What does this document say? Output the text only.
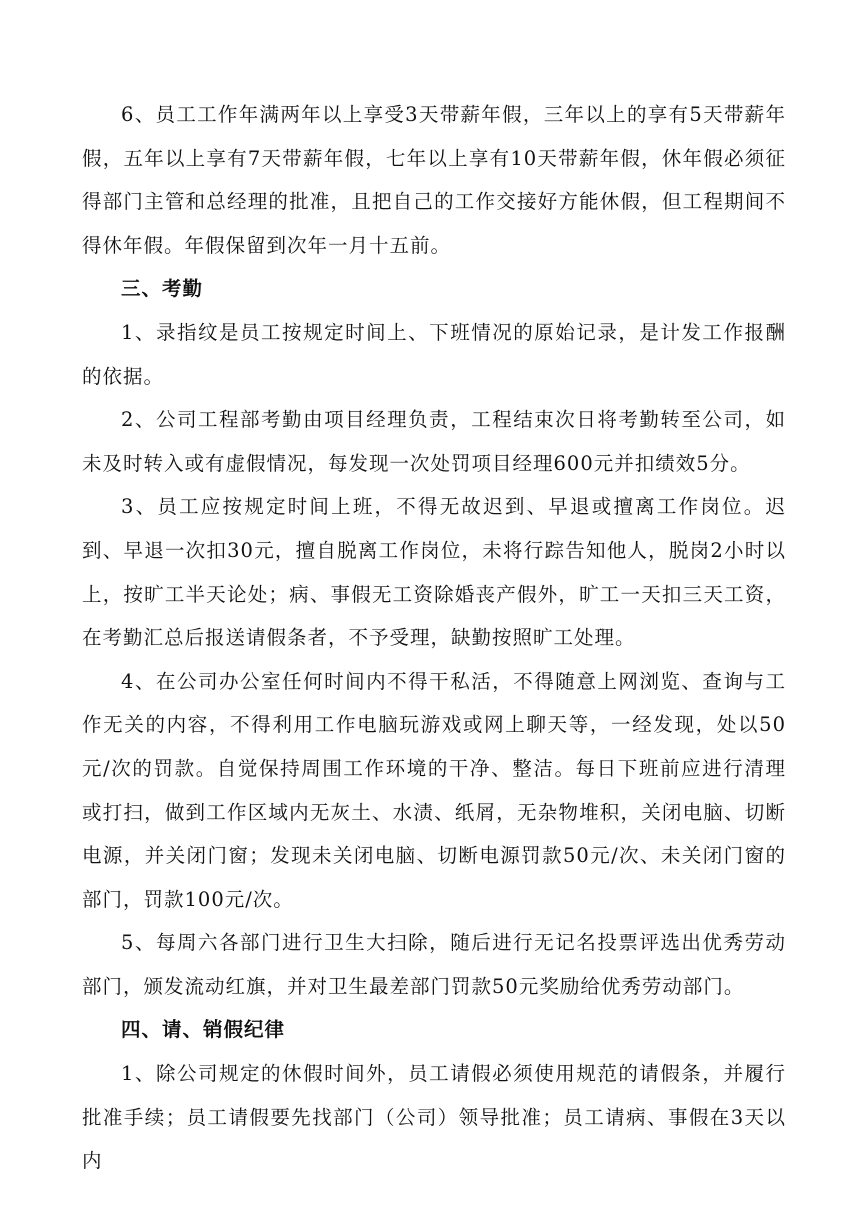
6、员工工作年满两年以上享受3天带薪年假，三年以上的享有5天带薪年假，五年以上享有7天带薪年假，七年以上享有10天带薪年假，休年假必须征得部门主管和总经理的批准，且把自己的工作交接好方能休假，但工程期间不得休年假。年假保留到次年一月十五前。

三、考勤

1、录指纹是员工按规定时间上、下班情况的原始记录，是计发工作报酬的依据。

2、公司工程部考勤由项目经理负责，工程结束次日将考勤转至公司，如未及时转入或有虚假情况，每发现一次处罚项目经理600元并扣绩效5分。

3、员工应按规定时间上班，不得无故迟到、早退或擅离工作岗位。迟到、早退一次扣30元，擅自脱离工作岗位，未将行踪告知他人，脱岗2小时以上，按旷工半天论处；病、事假无工资除婚丧产假外，旷工一天扣三天工资，在考勤汇总后报送请假条者，不予受理，缺勤按照旷工处理。

4、在公司办公室任何时间内不得干私活，不得随意上网浏览、查询与工作无关的内容，不得利用工作电脑玩游戏或网上聊天等，一经发现，处以50元/次的罚款。自觉保持周围工作环境的干净、整洁。每日下班前应进行清理或打扫，做到工作区域内无灰土、水渍、纸屑，无杂物堆积，关闭电脑、切断电源，并关闭门窗；发现未关闭电脑、切断电源罚款50元/次、未关闭门窗的部门，罚款100元/次。

5、每周六各部门进行卫生大扫除，随后进行无记名投票评选出优秀劳动部门，颁发流动红旗，并对卫生最差部门罚款50元奖励给优秀劳动部门。

四、请、销假纪律

1、除公司规定的休假时间外，员工请假必须使用规范的请假条，并履行批准手续；员工请假要先找部门（公司）领导批准；员工请病、事假在3天以内
